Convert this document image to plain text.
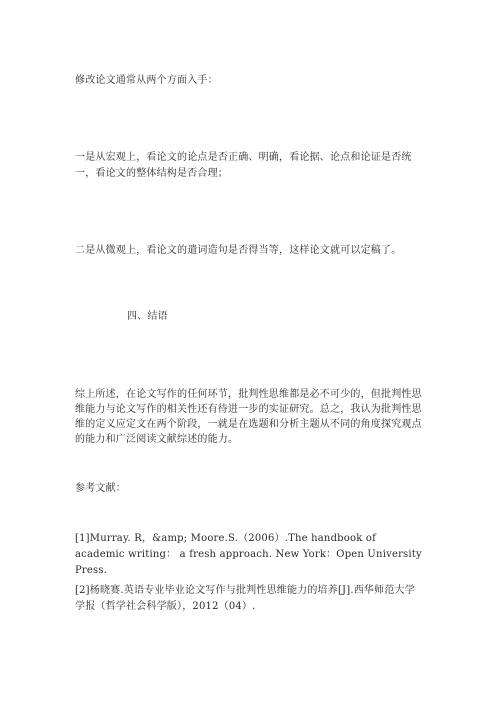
修改论文通常从两个方面入手：

一是从宏观上，看论文的论点是否正确、明确，看论据、论点和论证是否统一，看论文的整体结构是否合理；

二是从微观上，看论文的遣词造句是否得当等，这样论文就可以定稿了。

四、结语

综上所述，在论文写作的任何环节，批判性思维都是必不可少的，但批判性思维能力与论文写作的相关性还有待进一步的实证研究。总之，我认为批判性思维的定义应定文在两个阶段，一就是在选题和分析主题从不同的角度探究观点的能力和广泛阅读文献综述的能力。

参考文献：

[1]Murray. R，&amp; Moore.S.（2006）.The handbook of academic writing： a fresh approach. New York：Open University Press.

[2]杨晓赛.英语专业毕业论文写作与批判性思维能力的培养[J].西华师范大学学报（哲学社会科学版），2012（04）.
